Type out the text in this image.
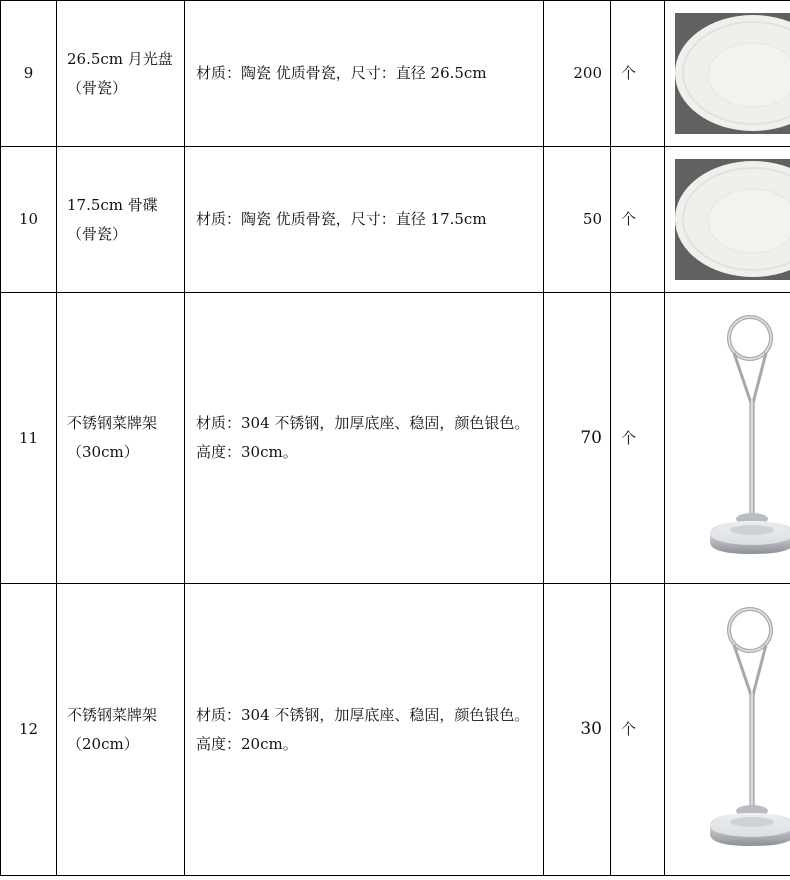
9	26.5cm 月光盘（骨瓷）	材质：陶瓷 优质骨瓷，尺寸：直径 26.5cm	200	个	

10	17.5cm 骨碟（骨瓷）	材质：陶瓷 优质骨瓷，尺寸：直径 17.5cm	50	个	

11	不锈钢菜牌架（30cm）	材质：304 不锈钢，加厚底座、稳固，颜色银色。高度：30cm。	70	个	

12	不锈钢菜牌架（20cm）	材质：304 不锈钢，加厚底座、稳固，颜色银色。高度：20cm。	30	个	
